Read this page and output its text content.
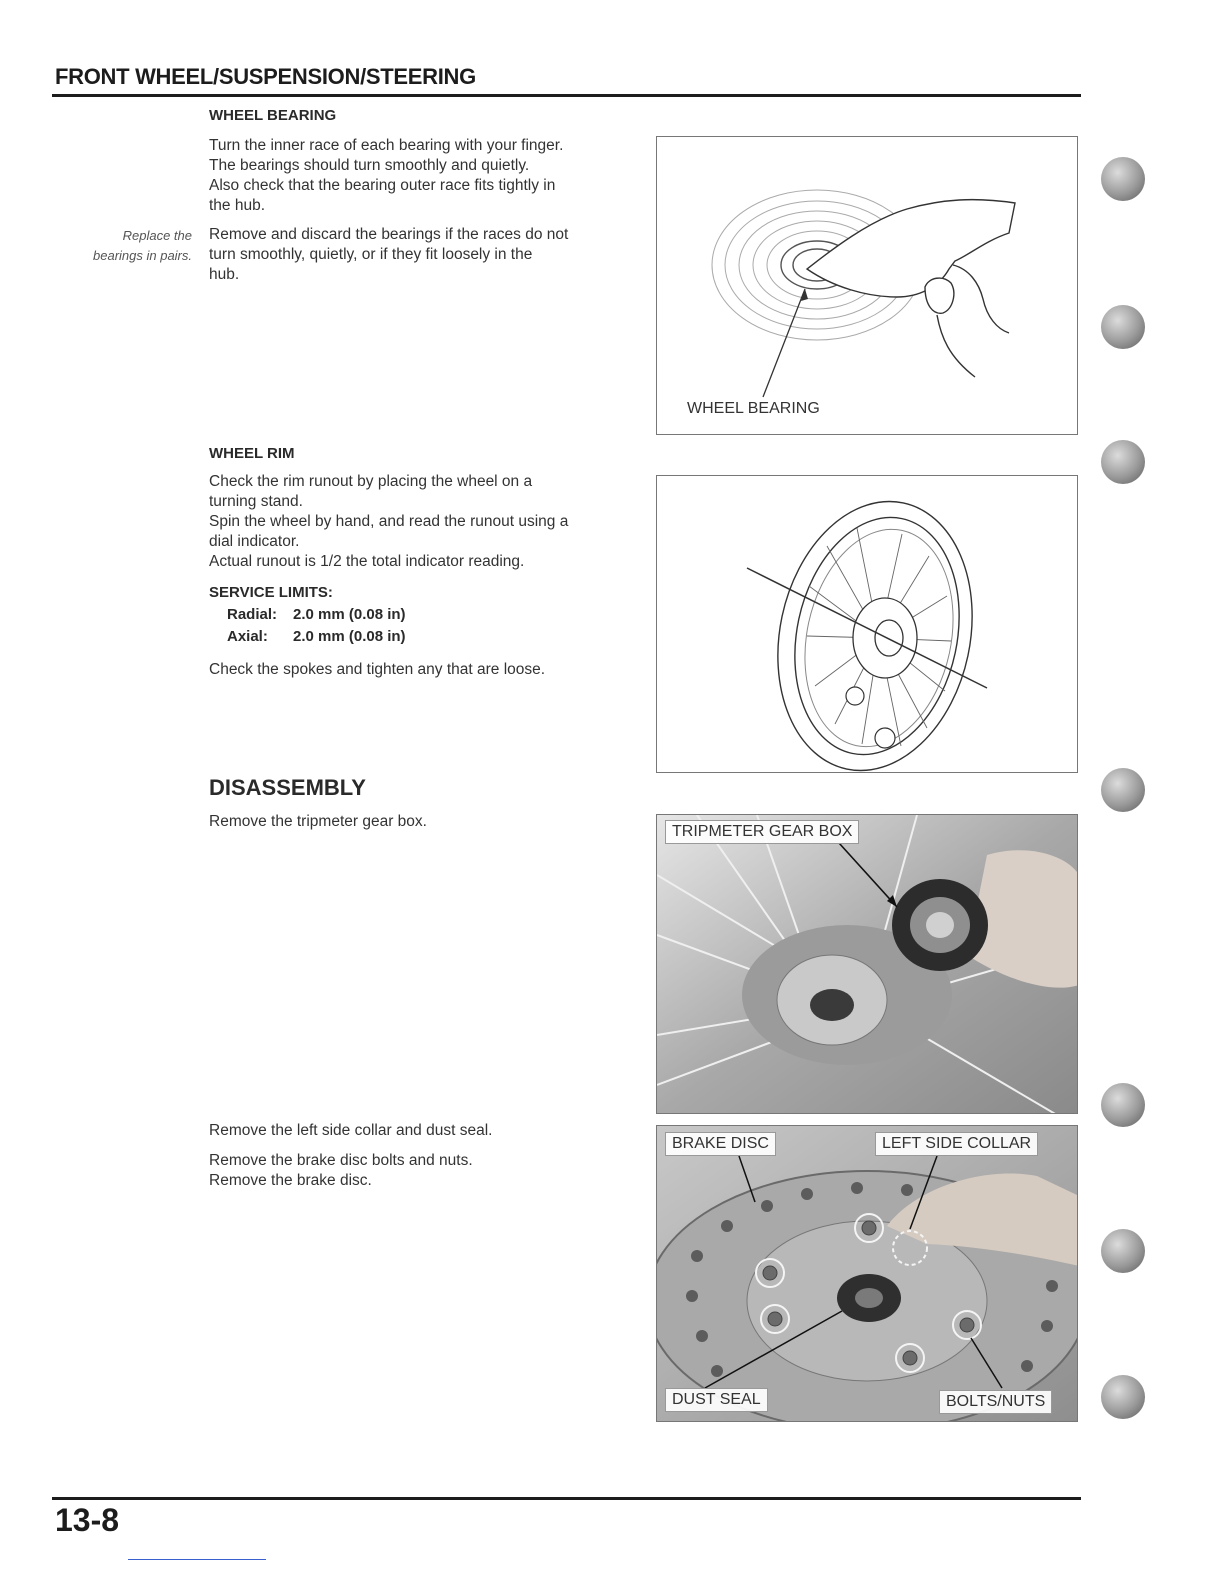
FRONT WHEEL/SUSPENSION/STEERING
WHEEL BEARING

Turn the inner race of each bearing with your finger.

The bearings should turn smoothly and quietly.

Also check that the bearing outer race fits tightly in

the hub.

Replace the
bearings in pairs.

Remove and discard the bearings if the races do not

turn smoothly, quietly, or if they fit loosely in the

hub.

WHEEL BEARING
WHEEL RIM

Check the rim runout by placing the wheel on a

turning stand.

Spin the wheel by hand, and read the runout using a

dial indicator.

Actual runout is 1/2 the total indicator reading.

SERVICE LIMITS:
Radial: 2.0 mm (0.08 in)
Axial: 2.0 mm (0.08 in)
Check the spokes and tighten any that are loose.
DISASSEMBLY
Remove the tripmeter gear box.
TRIPMETER GEAR BOX
Remove the left side collar and dust seal.

Remove the brake disc bolts and nuts.

Remove the brake disc.

BRAKE DISC	LEFT SIDE COLLAR
DUST SEAL	BOLTS/NUTS
13-8
